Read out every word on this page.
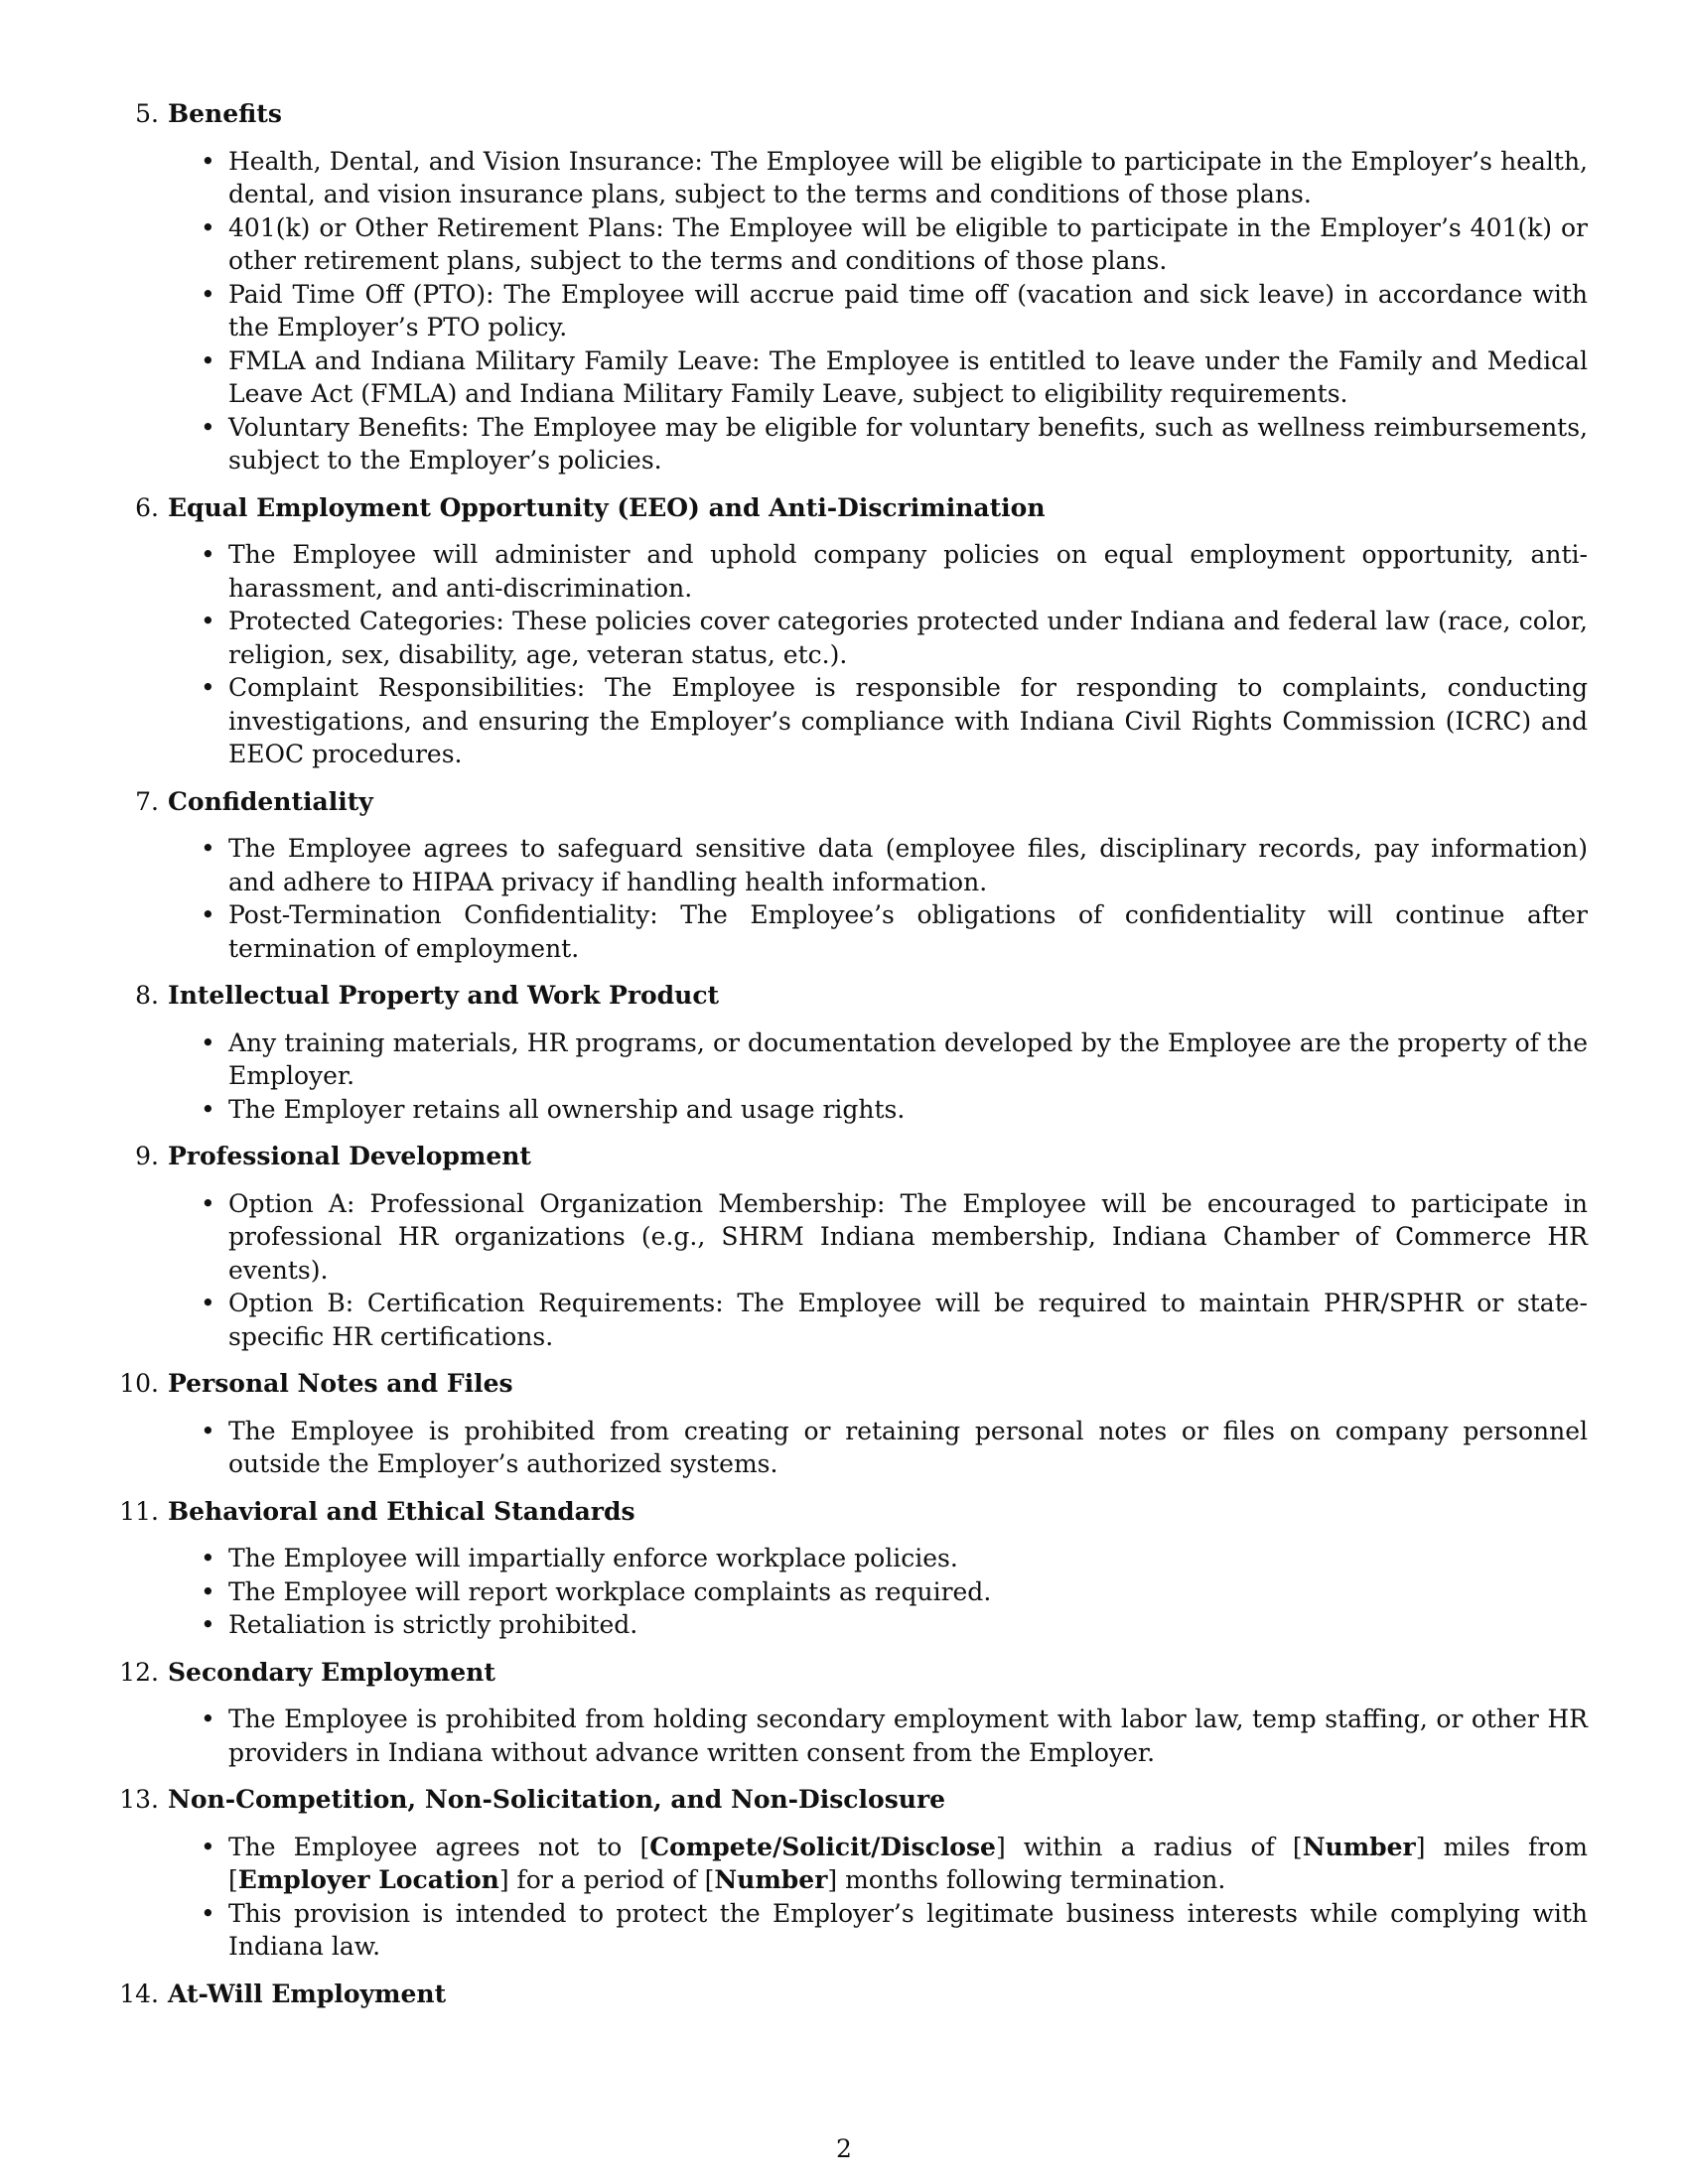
5. Benefits
• Health, Dental, and Vision Insurance: The Employee will be eligible to participate in the Employer’s health, dental, and vision insurance plans, subject to the terms and conditions of those plans.
• 401(k) or Other Retirement Plans: The Employee will be eligible to participate in the Employer’s 401(k) or other retirement plans, subject to the terms and conditions of those plans.
• Paid Time Off (PTO): The Employee will accrue paid time off (vacation and sick leave) in accordance with the Employer’s PTO policy.
• FMLA and Indiana Military Family Leave: The Employee is entitled to leave under the Family and Medical Leave Act (FMLA) and Indiana Military Family Leave, subject to eligibility requirements.
• Voluntary Benefits: The Employee may be eligible for voluntary benefits, such as wellness reimbursements, subject to the Employer’s policies.
6. Equal Employment Opportunity (EEO) and Anti-Discrimination
• The Employee will administer and uphold company policies on equal employment opportunity, anti-harassment, and anti-discrimination.
• Protected Categories: These policies cover categories protected under Indiana and federal law (race, color, religion, sex, disability, age, veteran status, etc.).
• Complaint Responsibilities: The Employee is responsible for responding to complaints, conducting investigations, and ensuring the Employer’s compliance with Indiana Civil Rights Commission (ICRC) and EEOC procedures.
7. Confidentiality
• The Employee agrees to safeguard sensitive data (employee files, disciplinary records, pay information) and adhere to HIPAA privacy if handling health information.
• Post-Termination Confidentiality: The Employee’s obligations of confidentiality will continue after termination of employment.
8. Intellectual Property and Work Product
• Any training materials, HR programs, or documentation developed by the Employee are the property of the Employer.
• The Employer retains all ownership and usage rights.
9. Professional Development
• Option A: Professional Organization Membership: The Employee will be encouraged to participate in professional HR organizations (e.g., SHRM Indiana membership, Indiana Chamber of Commerce HR events).
• Option B: Certification Requirements: The Employee will be required to maintain PHR/SPHR or state-specific HR certifications.
10. Personal Notes and Files
• The Employee is prohibited from creating or retaining personal notes or files on company personnel outside the Employer’s authorized systems.
11. Behavioral and Ethical Standards
• The Employee will impartially enforce workplace policies.
• The Employee will report workplace complaints as required.
• Retaliation is strictly prohibited.
12. Secondary Employment
• The Employee is prohibited from holding secondary employment with labor law, temp staffing, or other HR providers in Indiana without advance written consent from the Employer.
13. Non-Competition, Non-Solicitation, and Non-Disclosure
• The Employee agrees not to [Compete/Solicit/Disclose] within a radius of [Number] miles from [Employer Location] for a period of [Number] months following termination.
• This provision is intended to protect the Employer’s legitimate business interests while complying with Indiana law.
14. At-Will Employment
2
